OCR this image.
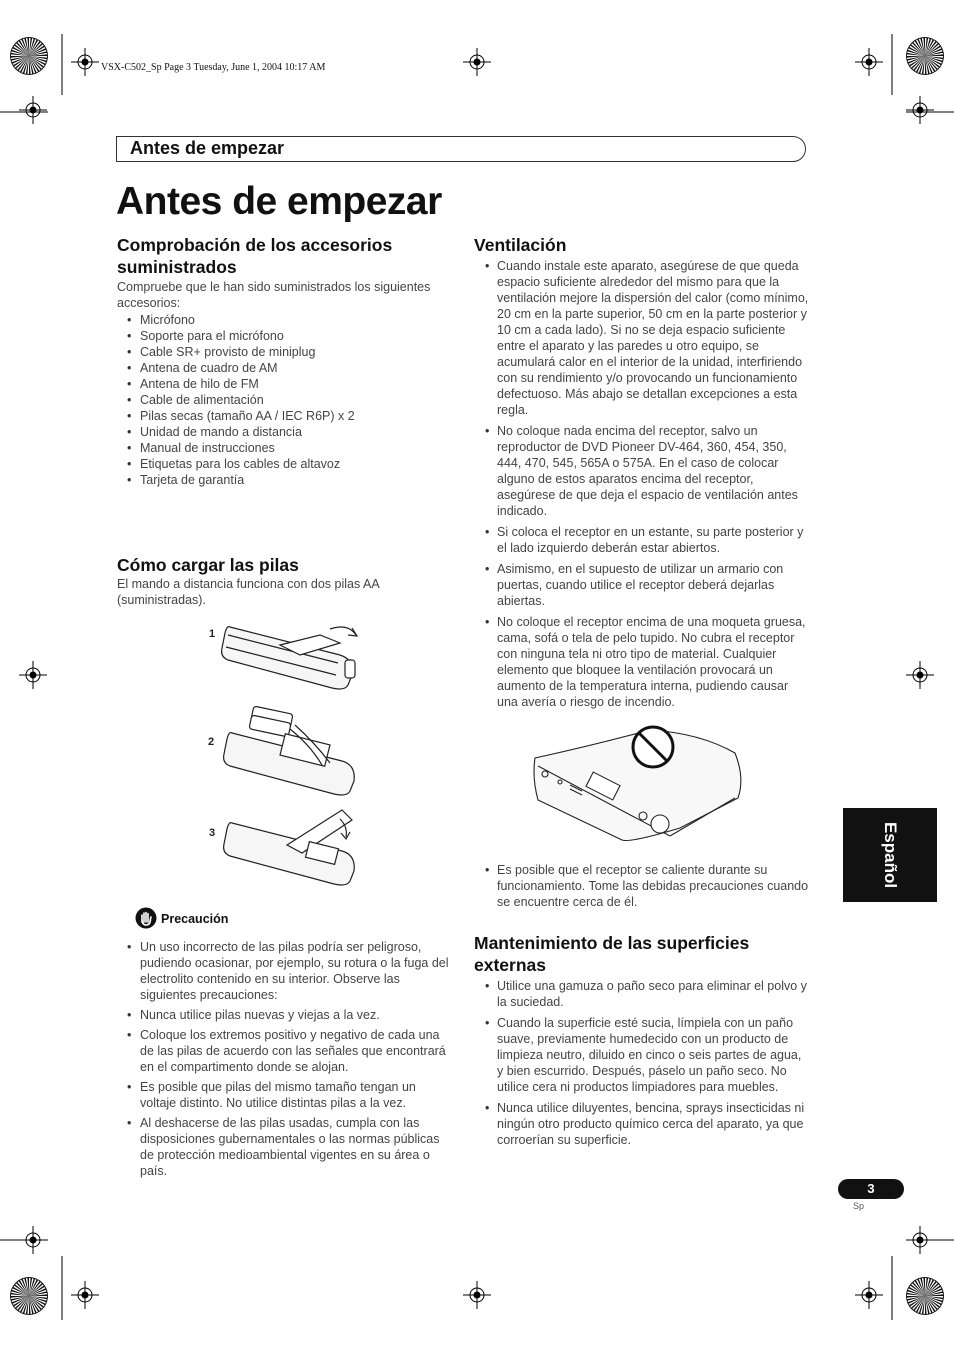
VSX-C502_Sp Page 3 Tuesday, June 1, 2004 10:17 AM
Antes de empezar
Antes de empezar
Comprobación de los accesorios suministrados

Compruebe que le han sido suministrados los siguientes accesorios:

• Micrófono
• Soporte para el micrófono
• Cable SR+ provisto de miniplug
• Antena de cuadro de AM
• Antena de hilo de FM
• Cable de alimentación
• Pilas secas (tamaño AA / IEC R6P) x 2
• Unidad de mando a distancia
• Manual de instrucciones
• Etiquetas para los cables de altavoz
• Tarjeta de garantía
Cómo cargar las pilas

El mando a distancia funciona con dos pilas AA (suministradas).

1
2
3
Precaución
• Un uso incorrecto de las pilas podría ser peligroso, pudiendo ocasionar, por ejemplo, su rotura o la fuga del electrolito contenido en su interior. Observe las siguientes precauciones:
• Nunca utilice pilas nuevas y viejas a la vez.
• Coloque los extremos positivo y negativo de cada una de las pilas de acuerdo con las señales que encontrará en el compartimento donde se alojan.
• Es posible que pilas del mismo tamaño tengan un voltaje distinto. No utilice distintas pilas a la vez.
• Al deshacerse de las pilas usadas, cumpla con las disposiciones gubernamentales o las normas públicas de protección medioambiental vigentes en su área o país.
Ventilación
• Cuando instale este aparato, asegúrese de que queda espacio suficiente alrededor del mismo para que la ventilación mejore la dispersión del calor (como mínimo, 20 cm en la parte superior, 50 cm en la parte posterior y 10 cm a cada lado). Si no se deja espacio suficiente entre el aparato y las paredes u otro equipo, se acumulará calor en el interior de la unidad, interfiriendo con su rendimiento y/o provocando un funcionamiento defectuoso. Más abajo se detallan excepciones a esta regla.
• No coloque nada encima del receptor, salvo un reproductor de DVD Pioneer DV-464, 360, 454, 350, 444, 470, 545, 565A o 575A. En el caso de colocar alguno de estos aparatos encima del receptor, asegúrese de que deja el espacio de ventilación antes indicado.
• Si coloca el receptor en un estante, su parte posterior y el lado izquierdo deberán estar abiertos.
• Asimismo, en el supuesto de utilizar un armario con puertas, cuando utilice el receptor deberá dejarlas abiertas.
• No coloque el receptor encima de una moqueta gruesa, cama, sofá o tela de pelo tupido. No cubra el receptor con ninguna tela ni otro tipo de material. Cualquier elemento que bloquee la ventilación provocará un aumento de la temperatura interna, pudiendo causar una avería o riesgo de incendio.
• Es posible que el receptor se caliente durante su funcionamiento. Tome las debidas precauciones cuando se encuentre cerca de él.
Mantenimiento de las superficies externas
• Utilice una gamuza o paño seco para eliminar el polvo y la suciedad.
• Cuando la superficie esté sucia, límpiela con un paño suave, previamente humedecido con un producto de limpieza neutro, diluido en cinco o seis partes de agua, y bien escurrido. Después, páselo un paño seco. No utilice cera ni productos limpiadores para muebles.
• Nunca utilice diluyentes, bencina, sprays insecticidas ni ningún otro producto químico cerca del aparato, ya que corroerían su superficie.
Español
3
Sp
